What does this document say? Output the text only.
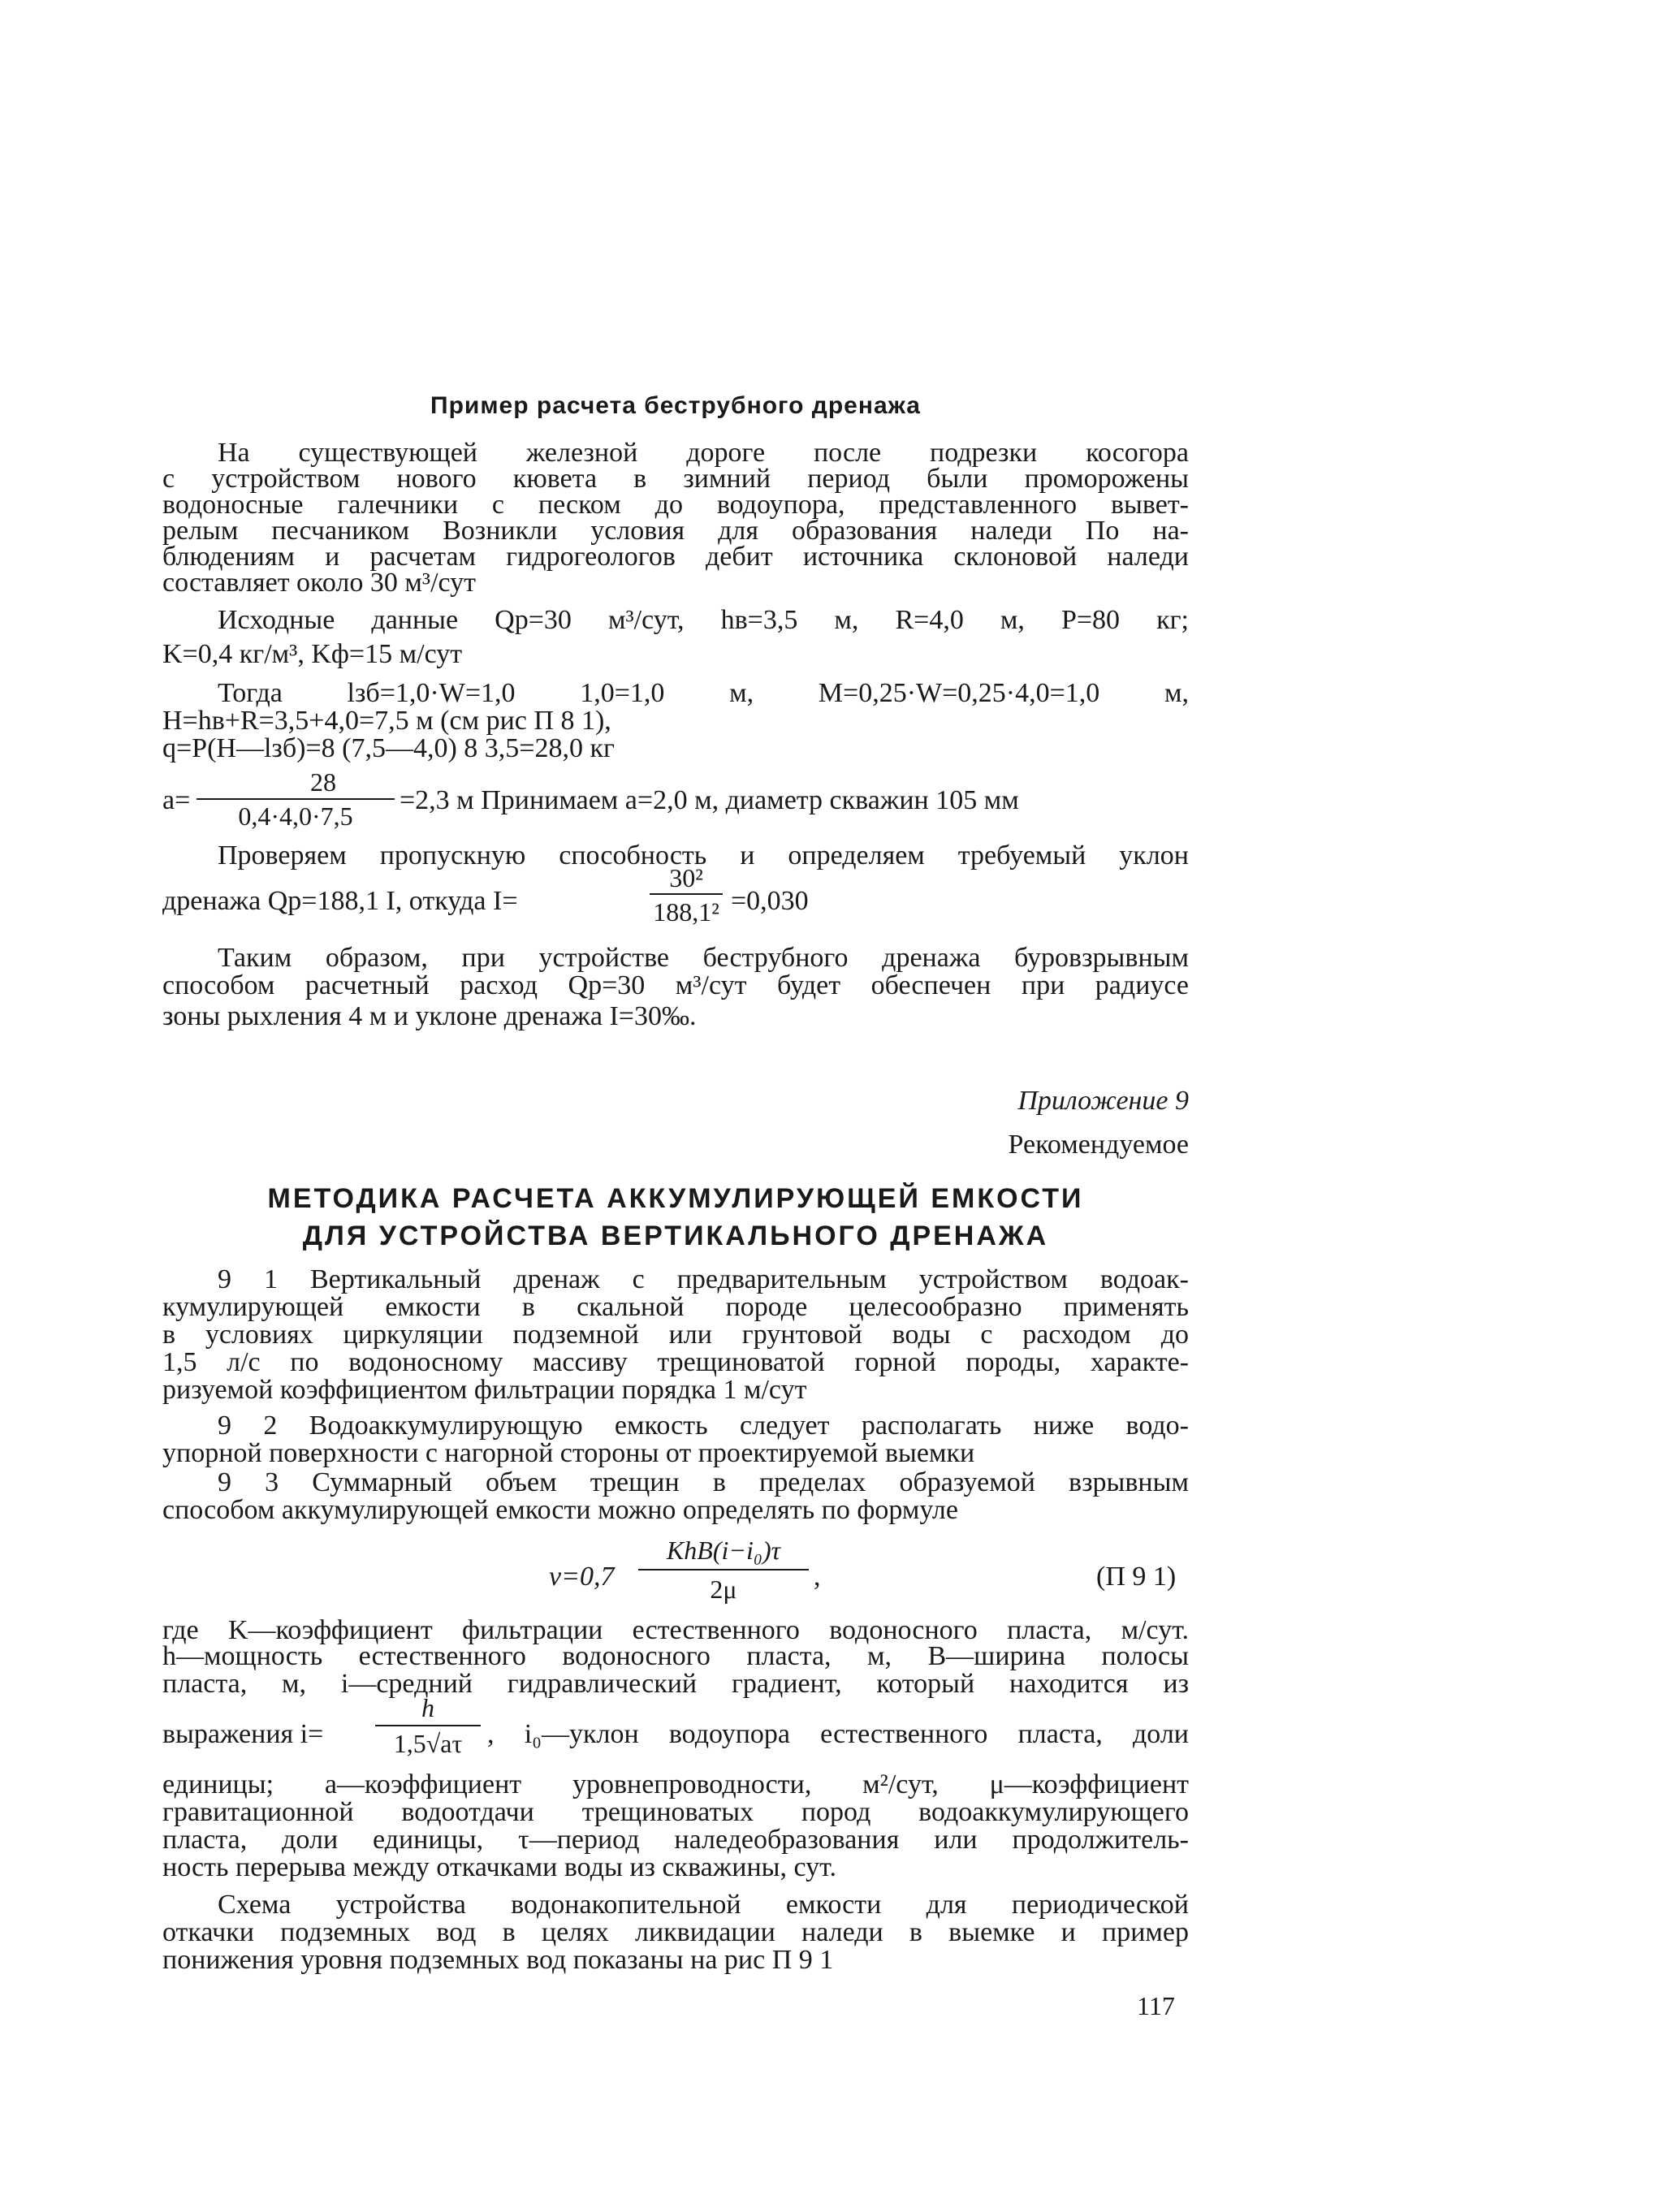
Пример расчета беструбного дренажа
На существующей железной дороге после подрезки косогора
с устройством нового кювета в зимний период были проморожены
водоносные галечники с песком до водоупора, представленного вывет-
релым песчаником Возникли условия для образования наледи По на-
блюдениям и расчетам гидрогеологов дебит источника склоновой наледи
составляет около 30 м³/сут
Исходные данные Qр=30 м³/сут, hв=3,5 м, R=4,0 м, P=80 кг;
K=0,4 кг/м³, Kф=15 м/сут
Тогда lзб=1,0·W=1,0 1,0=1,0 м, M=0,25·W=0,25·4,0=1,0 м,
H=hв+R=3,5+4,0=7,5 м (см рис П 8 1),
q=P(H—lзб)=8 (7,5—4,0) 8 3,5=28,0 кг
a=
28
0,4·4,0·7,5
=2,3 м Принимаем a=2,0 м, диаметр скважин 105 мм
Проверяем пропускную способность и определяем требуемый уклон
дренажа Qр=188,1 I, откуда I=
30²
188,1² =0,030
Таким образом, при устройстве беструбного дренажа буровзрывным
способом расчетный расход Qр=30 м³/сут будет обеспечен при радиусе
зоны рыхления 4 м и уклоне дренажа I=30‰.
Приложение 9
Рекомендуемое
МЕТОДИКА РАСЧЕТА АККУМУЛИРУЮЩЕЙ ЕМКОСТИ
ДЛЯ УСТРОЙСТВА ВЕРТИКАЛЬНОГО ДРЕНАЖА
9 1 Вертикальный дренаж с предварительным устройством водоак-
кумулирующей емкости в скальной породе целесообразно применять
в условиях циркуляции подземной или грунтовой воды с расходом до
1,5 л/с по водоносному массиву трещиноватой горной породы, характе-
ризуемой коэффициентом фильтрации порядка 1 м/сут
9 2 Водоаккумулирующую емкость следует располагать ниже водо-
упорной поверхности с нагорной стороны от проектируемой выемки
9 3 Суммарный объем трещин в пределах образуемой взрывным
способом аккумулирующей емкости можно определять по формуле
v=0,7
KhB(i−i₀)τ
2μ	,	(П 9 1)
где K—коэффициент фильтрации естественного водоносного пласта, м/сут.
h—мощность естественного водоносного пласта, м, B—ширина полосы
пласта, м, i—средний гидравлический градиент, который находится из
выражения i=
h
1,5√aτ , i₀—уклон водоупора естественного пласта, доли
единицы; a—коэффициент уровнепроводности, м²/сут, μ—коэффициент
гравитационной водоотдачи трещиноватых пород водоаккумулирующего
пласта, доли единицы, τ—период наледеобразования или продолжитель-
ность перерыва между откачками воды из скважины, сут.
Схема устройства водонакопительной емкости для периодической
откачки подземных вод в целях ликвидации наледи в выемке и пример
понижения уровня подземных вод показаны на рис П 9 1
117
